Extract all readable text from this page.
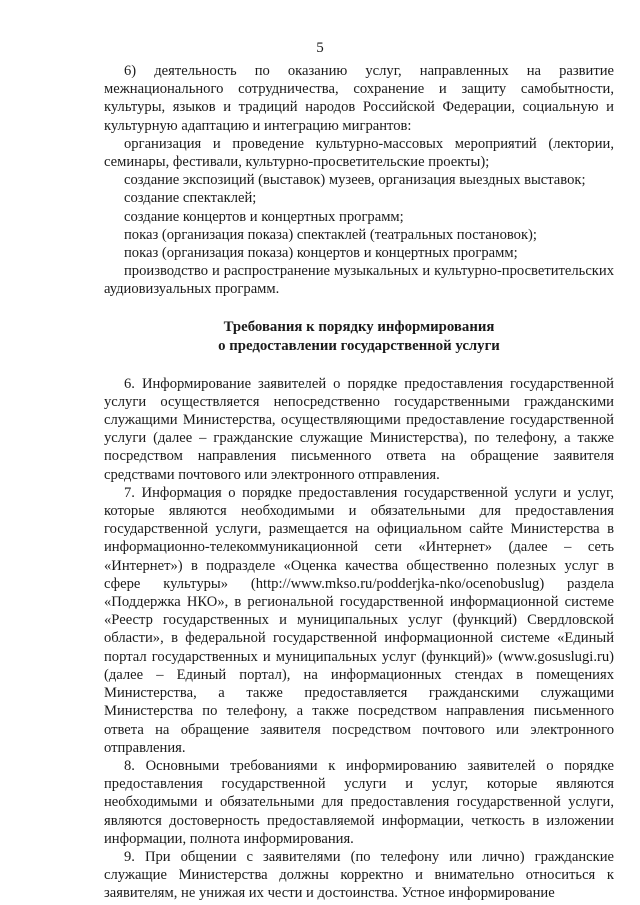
5

6) деятельность по оказанию услуг, направленных на развитие межнационального сотрудничества, сохранение и защиту самобытности, культуры, языков и традиций народов Российской Федерации, социальную и культурную адаптацию и интеграцию мигрантов:

организация и проведение культурно-массовых мероприятий (лектории, семинары, фестивали, культурно-просветительские проекты);

создание экспозиций (выставок) музеев, организация выездных выставок;

создание спектаклей;

создание концертов и концертных программ;

показ (организация показа) спектаклей (театральных постановок);

показ (организация показа) концертов и концертных программ;

производство и распространение музыкальных и культурно-просветительских аудиовизуальных программ.

Требования к порядку информирования
о предоставлении государственной услуги

6. Информирование заявителей о порядке предоставления государственной услуги осуществляется непосредственно государственными гражданскими служащими Министерства, осуществляющими предоставление государственной услуги (далее – гражданские служащие Министерства), по телефону, а также посредством направления письменного ответа на обращение заявителя средствами почтового или электронного отправления.

7. Информация о порядке предоставления государственной услуги и услуг, которые являются необходимыми и обязательными для предоставления государственной услуги, размещается на официальном сайте Министерства в информационно-телекоммуникационной сети «Интернет» (далее – сеть «Интернет») в подразделе «Оценка качества общественно полезных услуг в сфере культуры» (http://www.mkso.ru/podderjka-nko/ocenobuslug) раздела «Поддержка НКО», в региональной государственной информационной системе «Реестр государственных и муниципальных услуг (функций) Свердловской области», в федеральной государственной информационной системе «Единый портал государственных и муниципальных услуг (функций)» (www.gosuslugi.ru) (далее – Единый портал), на информационных стендах в помещениях Министерства, а также предоставляется гражданскими служащими Министерства по телефону, а также посредством направления письменного ответа на обращение заявителя посредством почтового или электронного отправления.

8. Основными требованиями к информированию заявителей о порядке предоставления государственной услуги и услуг, которые являются необходимыми и обязательными для предоставления государственной услуги, являются достоверность предоставляемой информации, четкость в изложении информации, полнота информирования.

9. При общении с заявителями (по телефону или лично) гражданские служащие Министерства должны корректно и внимательно относиться к заявителям, не унижая их чести и достоинства. Устное информирование
